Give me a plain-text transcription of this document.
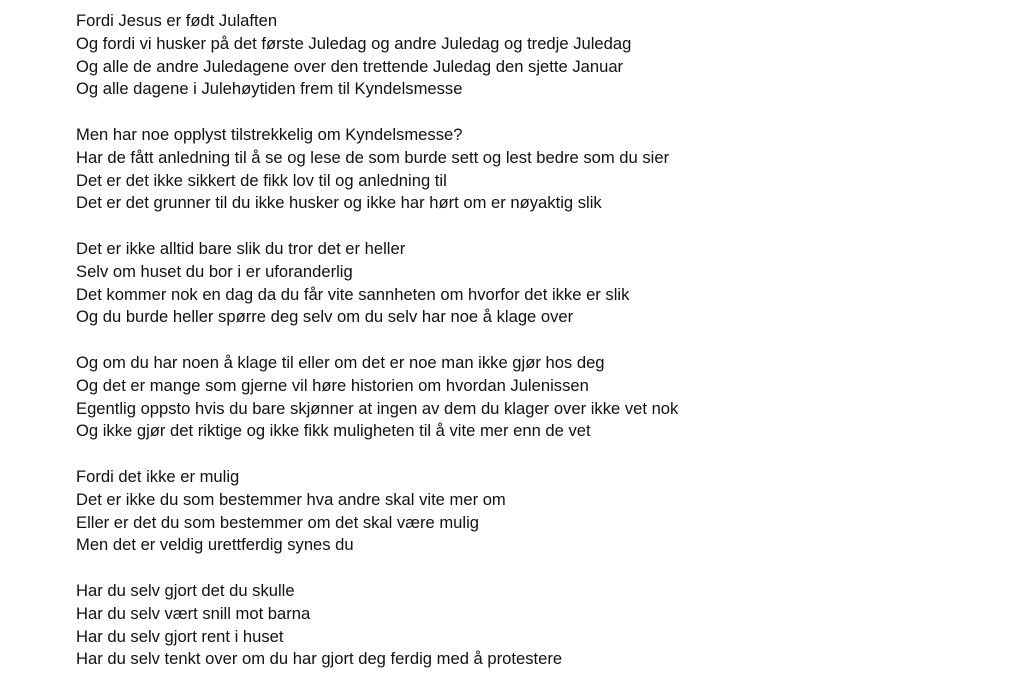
Fordi Jesus er født Julaften
Og fordi vi husker på det første Juledag og andre Juledag og tredje Juledag
Og alle de andre Juledagene over den trettende Juledag den sjette Januar
Og alle dagene i Julehøytiden frem til Kyndelsmesse
Men har noe opplyst tilstrekkelig om Kyndelsmesse?
Har de fått anledning til å se og lese de som burde sett og lest bedre som du sier
Det er det ikke sikkert de fikk lov til og anledning til
Det er det grunner til du ikke husker og ikke har hørt om er nøyaktig slik
Det er ikke alltid bare slik du tror det er heller
Selv om huset du bor i er uforanderlig
Det kommer nok en dag da du får vite sannheten om hvorfor det ikke er slik
Og du burde heller spørre deg selv om du selv har noe å klage over
Og om du har noen å klage til eller om det er noe man ikke gjør hos deg
Og det er mange som gjerne vil høre historien om hvordan Julenissen
Egentlig oppsto hvis du bare skjønner at ingen av dem du klager over ikke vet nok
Og ikke gjør det riktige og ikke fikk muligheten til å vite mer enn de vet
Fordi det ikke er mulig
Det er ikke du som bestemmer hva andre skal vite mer om
Eller er det du som bestemmer om det skal være mulig
Men det er veldig urettferdig synes du
Har du selv gjort det du skulle
Har du selv vært snill mot barna
Har du selv gjort rent i huset
Har du selv tenkt over om du har gjort deg ferdig med å protestere
